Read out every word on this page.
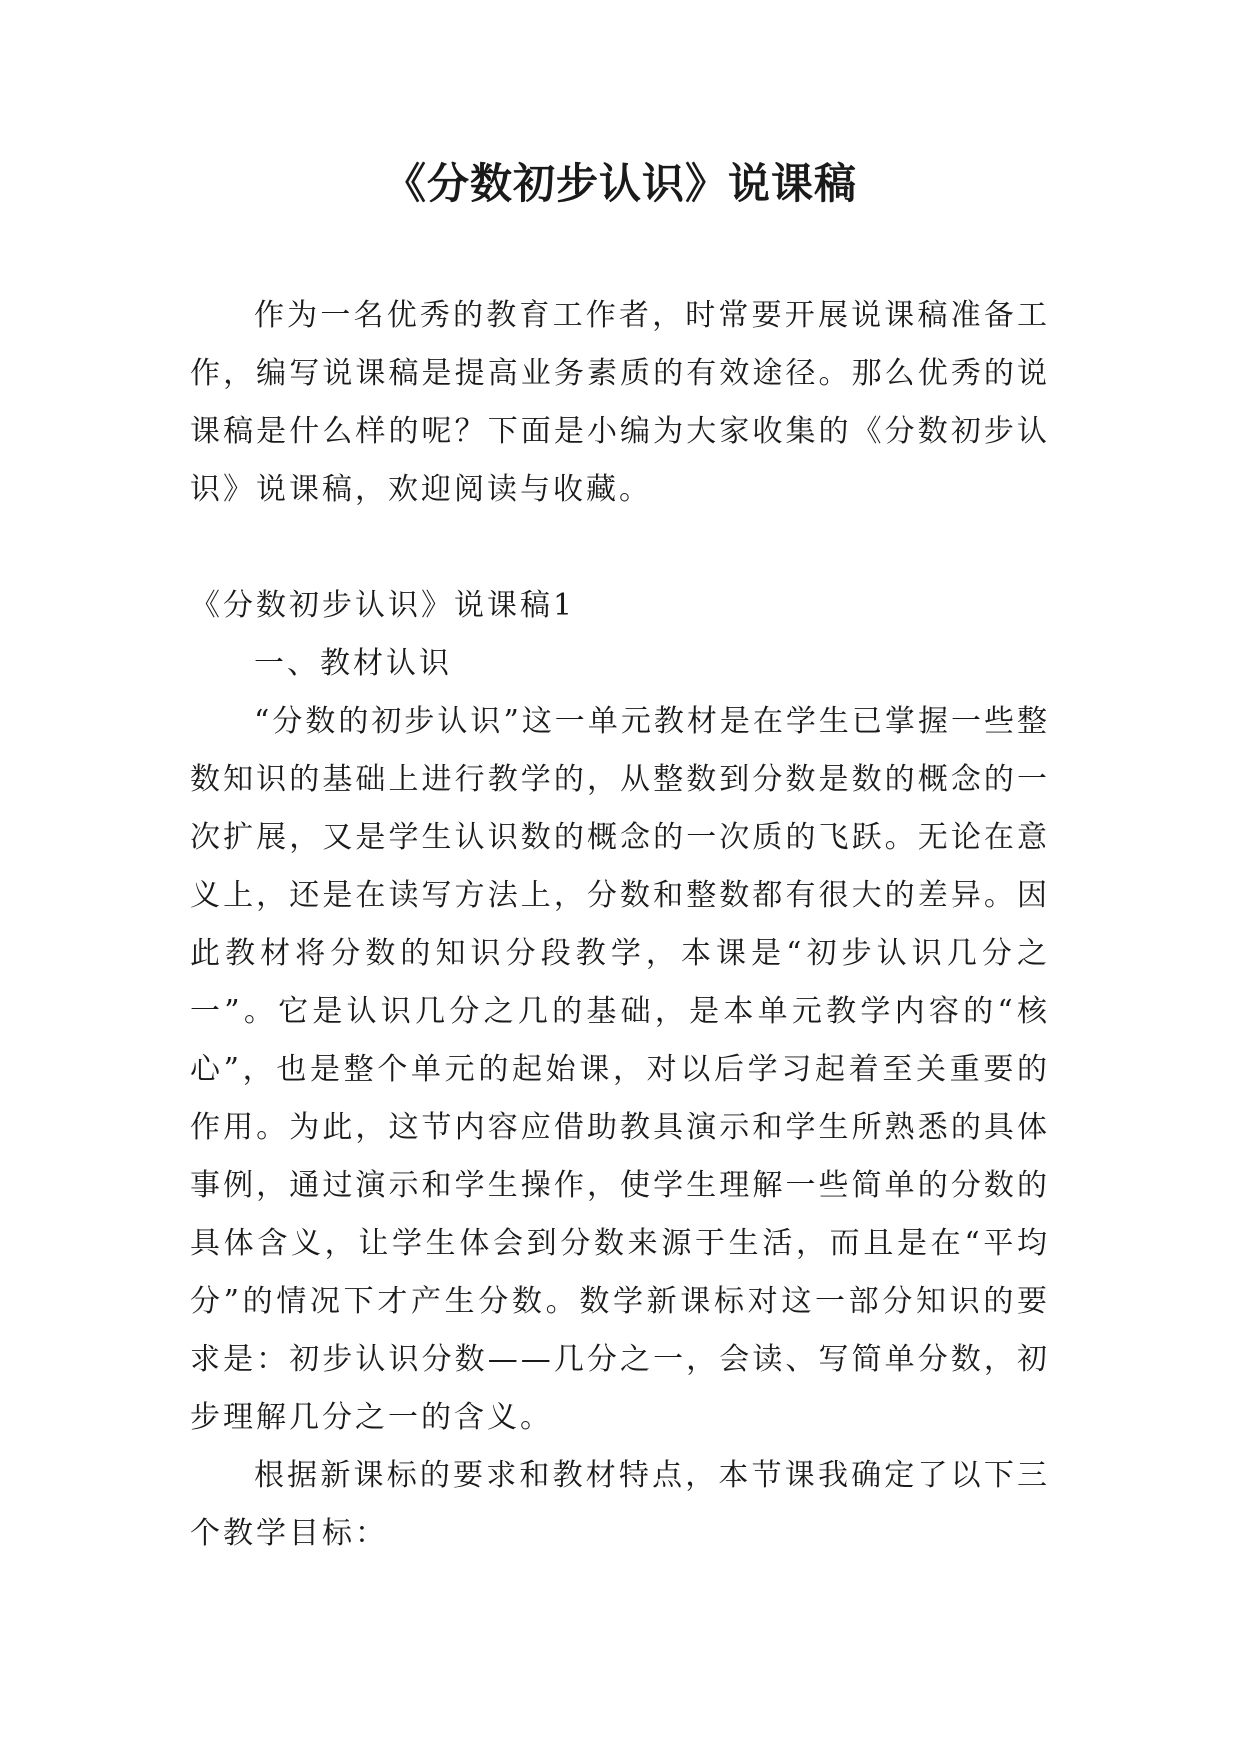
《分数初步认识》说课稿

作为一名优秀的教育工作者，时常要开展说课稿准备工作，编写说课稿是提高业务素质的有效途径。那么优秀的说课稿是什么样的呢？下面是小编为大家收集的《分数初步认识》说课稿，欢迎阅读与收藏。

《分数初步认识》说课稿1

一、教材认识

“分数的初步认识”这一单元教材是在学生已掌握一些整数知识的基础上进行教学的，从整数到分数是数的概念的一次扩展，又是学生认识数的概念的一次质的飞跃。无论在意义上，还是在读写方法上，分数和整数都有很大的差异。因此教材将分数的知识分段教学，本课是“初步认识几分之一”。它是认识几分之几的基础，是本单元教学内容的“核心”，也是整个单元的起始课，对以后学习起着至关重要的作用。为此，这节内容应借助教具演示和学生所熟悉的具体事例，通过演示和学生操作，使学生理解一些简单的分数的具体含义，让学生体会到分数来源于生活，而且是在“平均分”的情况下才产生分数。数学新课标对这一部分知识的要求是：初步认识分数——几分之一，会读、写简单分数，初步理解几分之一的含义。

根据新课标的要求和教材特点，本节课我确定了以下三个教学目标：
